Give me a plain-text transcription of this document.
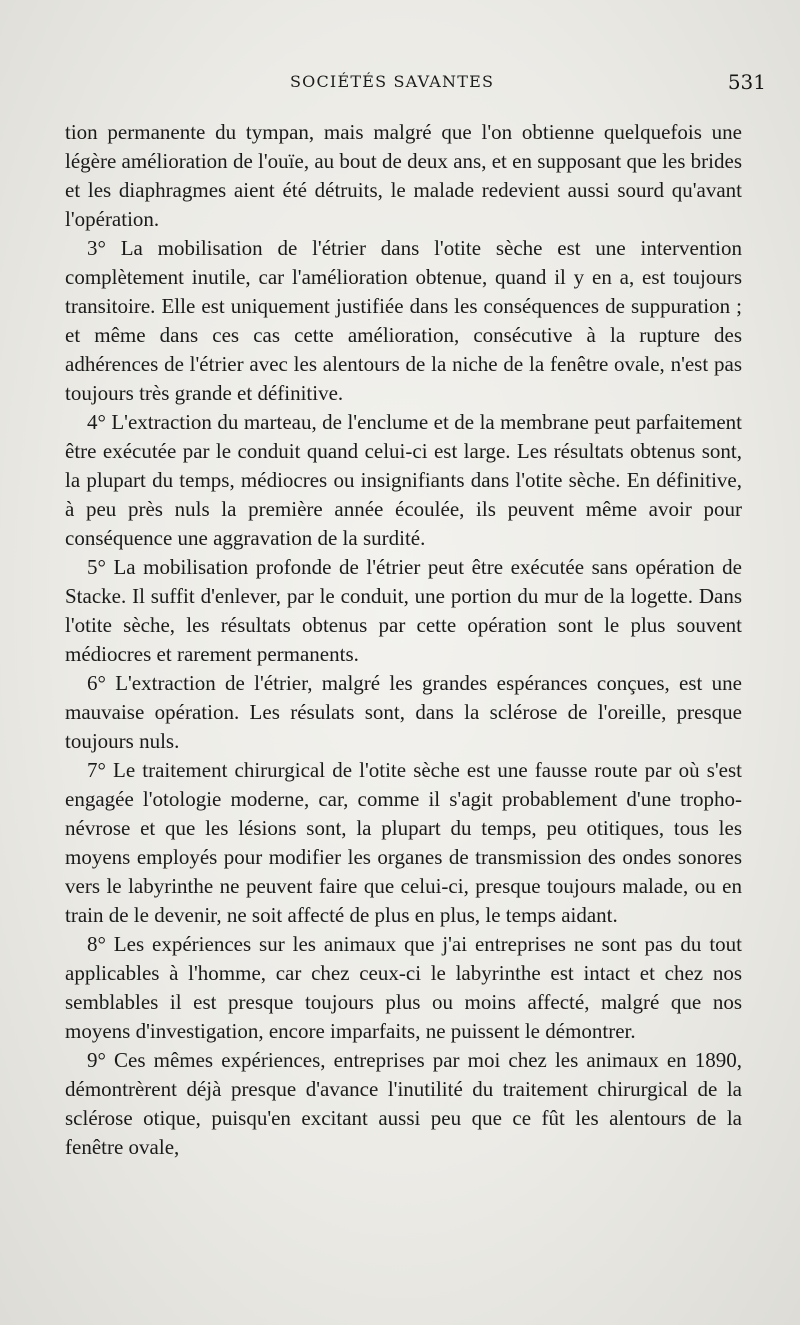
SOCIÉTÉS SAVANTES	531

tion permanente du tympan, mais malgré que l'on obtienne quelquefois une légère amélioration de l'ouïe, au bout de deux ans, et en supposant que les brides et les diaphragmes aient été détruits, le malade redevient aussi sourd qu'avant l'opération.

3° La mobilisation de l'étrier dans l'otite sèche est une intervention complètement inutile, car l'amélioration obtenue, quand il y en a, est toujours transitoire. Elle est uniquement justifiée dans les conséquences de suppuration ; et même dans ces cas cette amélioration, consécutive à la rupture des adhérences de l'étrier avec les alentours de la niche de la fenêtre ovale, n'est pas toujours très grande et définitive.

4° L'extraction du marteau, de l'enclume et de la membrane peut parfaitement être exécutée par le conduit quand celui-ci est large. Les résultats obtenus sont, la plupart du temps, médiocres ou insignifiants dans l'otite sèche. En définitive, à peu près nuls la première année écoulée, ils peuvent même avoir pour conséquence une aggravation de la surdité.

5° La mobilisation profonde de l'étrier peut être exécutée sans opération de Stacke. Il suffit d'enlever, par le conduit, une portion du mur de la logette. Dans l'otite sèche, les résultats obtenus par cette opération sont le plus souvent médiocres et rarement permanents.

6° L'extraction de l'étrier, malgré les grandes espérances conçues, est une mauvaise opération. Les résulats sont, dans la sclérose de l'oreille, presque toujours nuls.

7° Le traitement chirurgical de l'otite sèche est une fausse route par où s'est engagée l'otologie moderne, car, comme il s'agit probablement d'une tropho-névrose et que les lésions sont, la plupart du temps, peu otitiques, tous les moyens employés pour modifier les organes de transmission des ondes sonores vers le labyrinthe ne peuvent faire que celui-ci, presque toujours malade, ou en train de le devenir, ne soit affecté de plus en plus, le temps aidant.

8° Les expériences sur les animaux que j'ai entreprises ne sont pas du tout applicables à l'homme, car chez ceux-ci le labyrinthe est intact et chez nos semblables il est presque toujours plus ou moins affecté, malgré que nos moyens d'investigation, encore imparfaits, ne puissent le démontrer.

9° Ces mêmes expériences, entreprises par moi chez les animaux en 1890, démontrèrent déjà presque d'avance l'inutilité du traitement chirurgical de la sclérose otique, puisqu'en excitant aussi peu que ce fût les alentours de la fenêtre ovale,
